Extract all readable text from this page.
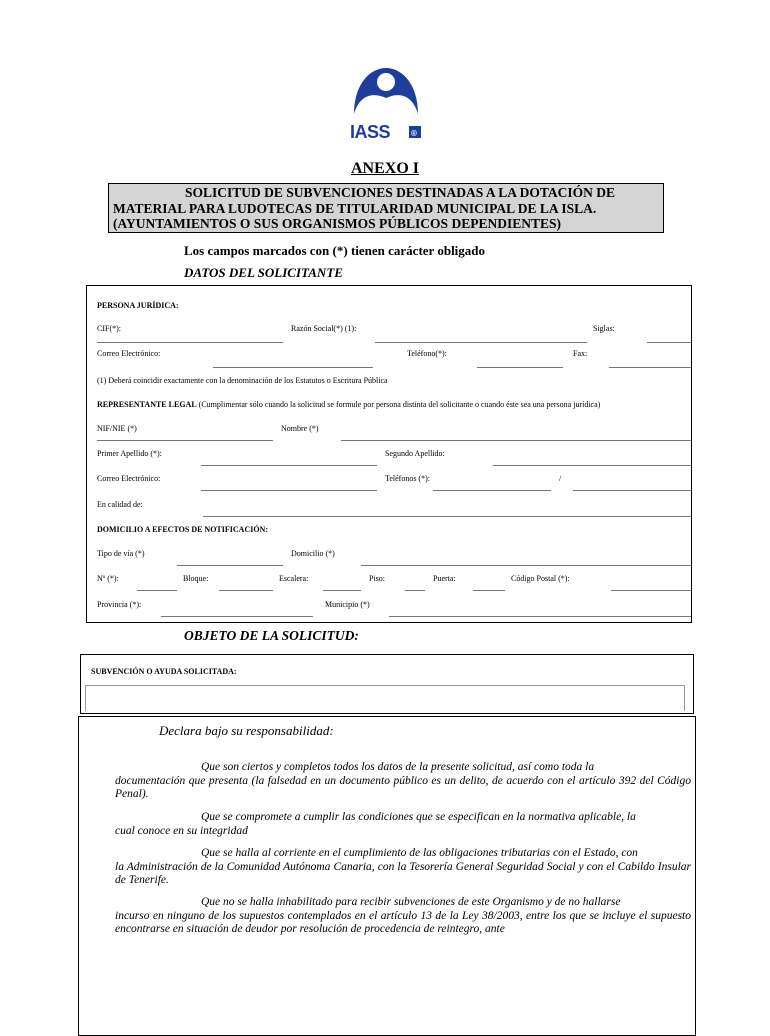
®
IASS
ANEXO I
SOLICITUD DE SUBVENCIONES DESTINADAS A LA DOTACIÓN DE
MATERIAL PARA LUDOTECAS DE TITULARIDAD MUNICIPAL DE LA ISLA.
(AYUNTAMIENTOS O SUS ORGANISMOS PÚBLICOS DEPENDIENTES)
Los campos marcados con (*) tienen carácter obligado
DATOS DEL SOLICITANTE
PERSONA JURÍDICA:
CIF(*):	Razón Social(*) (1):	Siglas:
Correo Electrónico:	Teléfono(*):	Fax:
(1) Deberá coincidir exactamente con la denominación de los Estatutos o Escritura Pública
REPRESENTANTE LEGAL (Cumplimentar sólo cuando la solicitud se formule por persona distinta del solicitante o cuando éste sea una persona jurídica)
NIF/NIE (*)	Nombre (*)
Primer Apellido (*):	Segundo Apellido:
Correo Electrónico:	Teléfonos (*):	/
En calidad de:
DOMICILIO A EFECTOS DE NOTIFICACIÓN:
Tipo de vía (*)	Domicilio (*)
Nº (*):	Bloque:	Escalera:	Piso:	Puerta:	Código Postal (*):
Provincia (*):	Municipio (*)
OBJETO DE LA SOLICITUD:
SUBVENCIÓN O AYUDA SOLICITADA:
Declara bajo su responsabilidad:
Que son ciertos y completos todos los datos de la presente solicitud, así como toda la
documentación que presenta (la falsedad en un documento público es un delito, de acuerdo con el artículo 392 del Código Penal).
Que se compromete a cumplir las condiciones que se especifican en la normativa aplicable, la
cual conoce en su integridad
Que se halla al corriente en el cumplimiento de las obligaciones tributarias con el Estado, con
la Administración de la Comunidad Autónoma Canaria, con la Tesorería General Seguridad Social y con el Cabildo Insular de Tenerife.
Que no se halla inhabilitado para recibir subvenciones de este Organismo y de no hallarse
incurso en ninguno de los supuestos contemplados en el artículo 13 de la Ley 38/2003, entre los que se incluye el supuesto encontrarse en situación de deudor por resolución de procedencia de reintegro, ante
